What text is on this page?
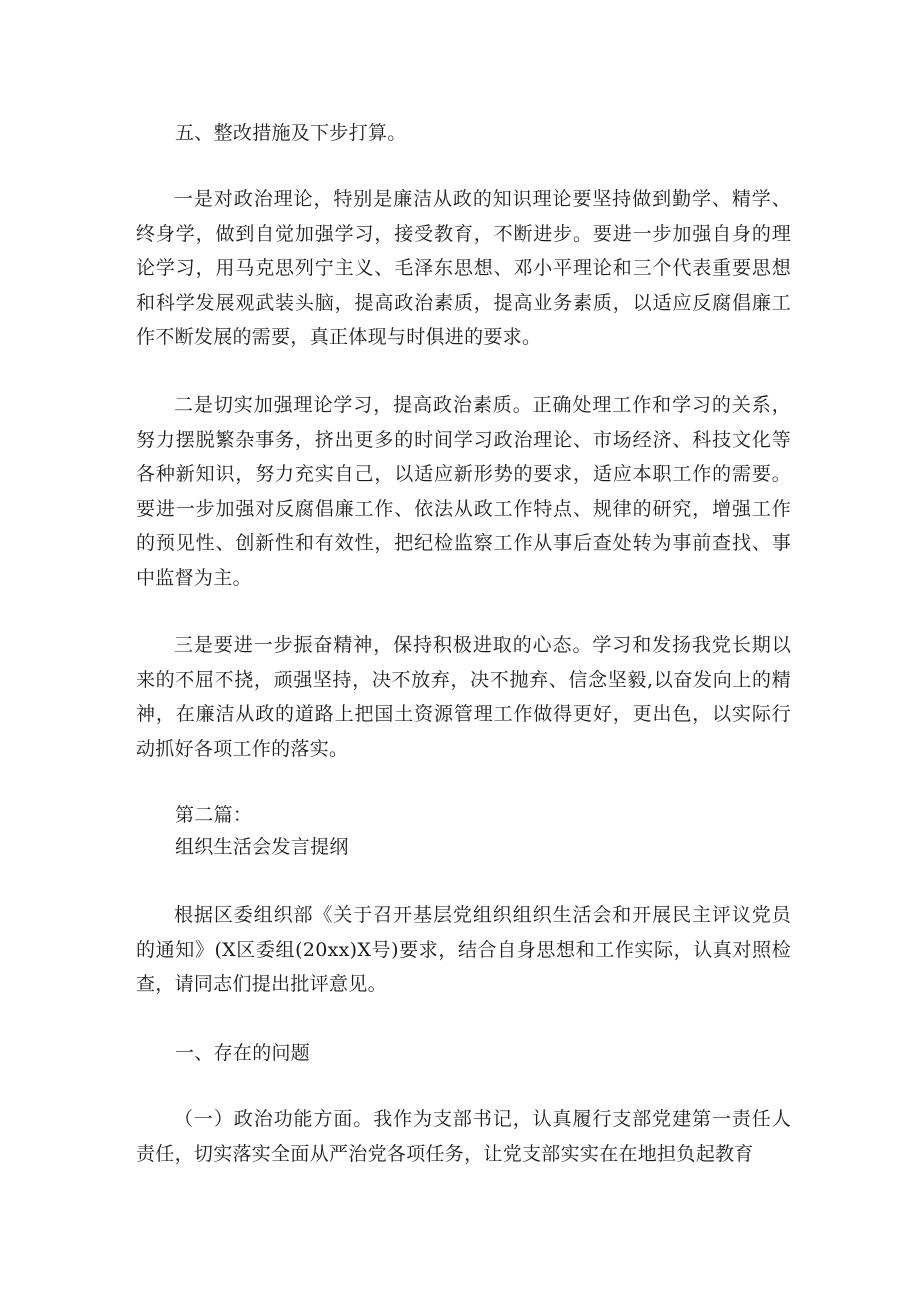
五、整改措施及下步打算。

一是对政治理论，特别是廉洁从政的知识理论要坚持做到勤学、精学、终身学，做到自觉加强学习，接受教育，不断进步。要进一步加强自身的理论学习，用马克思列宁主义、毛泽东思想、邓小平理论和三个代表重要思想和科学发展观武装头脑，提高政治素质，提高业务素质，以适应反腐倡廉工作不断发展的需要，真正体现与时俱进的要求。

二是切实加强理论学习，提高政治素质。正确处理工作和学习的关系，努力摆脱繁杂事务，挤出更多的时间学习政治理论、市场经济、科技文化等各种新知识，努力充实自己，以适应新形势的要求，适应本职工作的需要。要进一步加强对反腐倡廉工作、依法从政工作特点、规律的研究，增强工作的预见性、创新性和有效性，把纪检监察工作从事后查处转为事前查找、事中监督为主。

三是要进一步振奋精神，保持积极进取的心态。学习和发扬我党长期以来的不屈不挠，顽强坚持，决不放弃，决不抛弃、信念坚毅,以奋发向上的精神，在廉洁从政的道路上把国土资源管理工作做得更好，更出色，以实际行动抓好各项工作的落实。

第二篇：

组织生活会发言提纲

根据区委组织部《关于召开基层党组织组织生活会和开展民主评议党员的通知》(X区委组(20xx)X号)要求，结合自身思想和工作实际，认真对照检查，请同志们提出批评意见。

一、存在的问题

（一）政治功能方面。我作为支部书记，认真履行支部党建第一责任人责任，切实落实全面从严治党各项任务，让党支部实实在在地担负起教育
